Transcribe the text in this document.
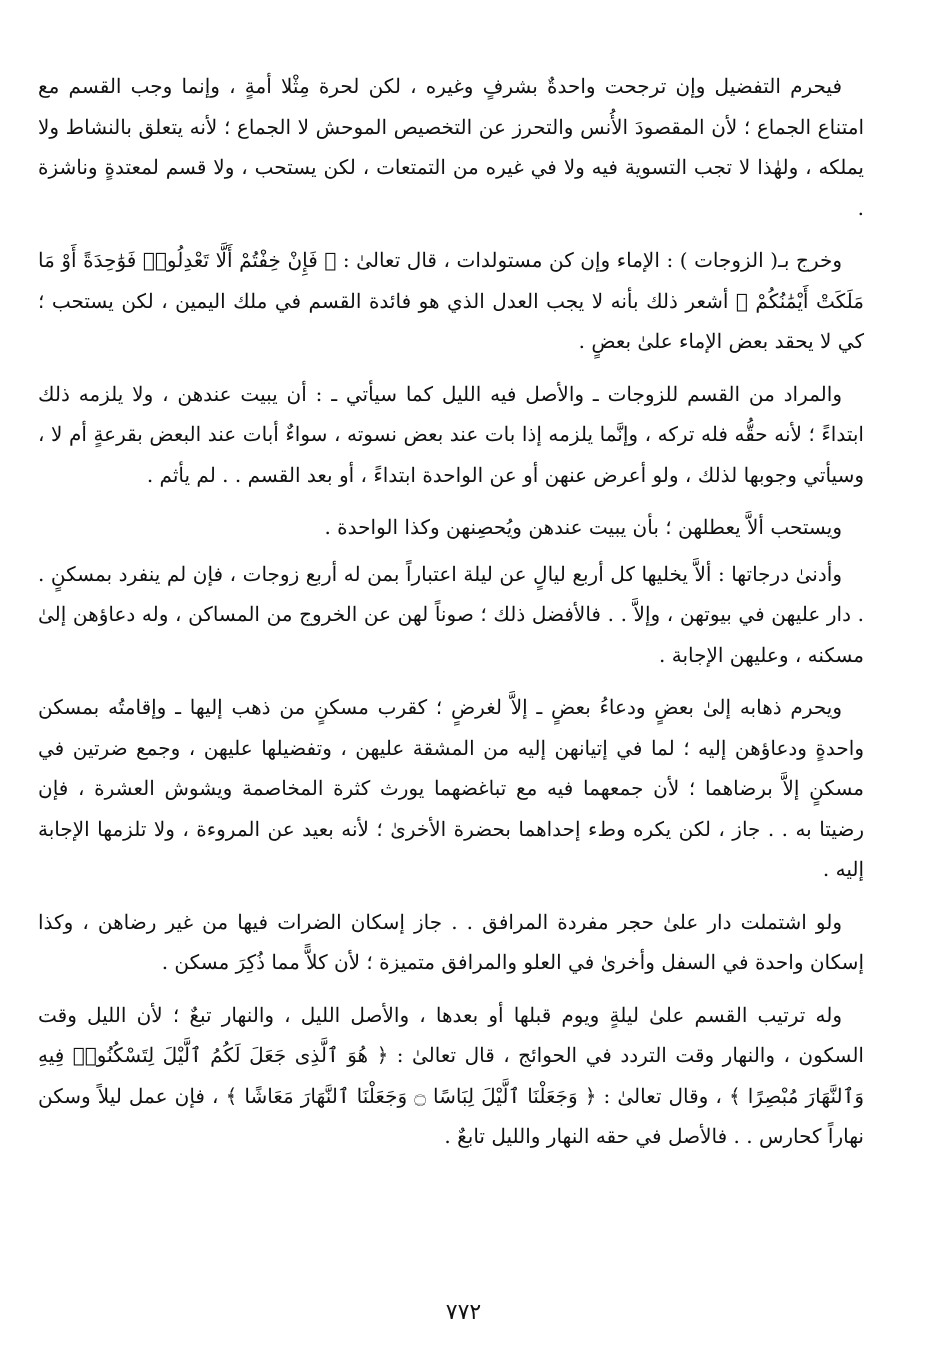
فيحرم التفضيل وإن ترجحت واحدةٌ بشرفٍ وغيره ، لكن لحرة مِثْلا أمةٍ ، وإنما وجب القسم مع امتناع الجماع ؛ لأن المقصودَ الأُنس والتحرز عن التخصيص الموحش لا الجماع ؛ لأنه يتعلق بالنشاط ولا يملكه ، ولهٰذا لا تجب التسوية فيه ولا في غيره من التمتعات ، لكن يستحب ، ولا قسم لمعتدةٍ وناشزة .

وخرج بـ( الزوجات ) : الإماء وإن كن مستولدات ، قال تعالىٰ : ﴿ فَإِنْ خِفْتُمْ أَلَّا تَعْدِلُوا۟ فَوَٰحِدَةً أَوْ مَا مَلَكَتْ أَيْمَٰنُكُمْ ﴾ أشعر ذلك بأنه لا يجب العدل الذي هو فائدة القسم في ملك اليمين ، لكن يستحب ؛ كي لا يحقد بعض الإماء علىٰ بعضٍ .

والمراد من القسم للزوجات ـ والأصل فيه الليل كما سيأتي ـ : أن يبيت عندهن ، ولا يلزمه ذلك ابتداءً ؛ لأنه حقُّه فله تركه ، وإنَّما يلزمه إذا بات عند بعض نسوته ، سواءٌ أبات عند البعض بقرعةٍ أم لا ، وسيأتي وجوبها لذلك ، ولو أعرض عنهن أو عن الواحدة ابتداءً ، أو بعد القسم . . لم يأثم .

ويستحب ألاَّ يعطلهن ؛ بأن يبيت عندهن ويُحصِنهن وكذا الواحدة .

وأدنىٰ درجاتها : ألاَّ يخليها كل أربع ليالٍ عن ليلة اعتباراً بمن له أربع زوجات ، فإن لم ينفرد بمسكنٍ . . دار عليهن في بيوتهن ، وإلاَّ . . فالأفضل ذلك ؛ صوناً لهن عن الخروج من المساكن ، وله دعاؤهن إلىٰ مسكنه ، وعليهن الإجابة .

ويحرم ذهابه إلىٰ بعضٍ ودعاءُ بعضٍ ـ إلاَّ لغرضٍ ؛ كقرب مسكنٍ من ذهب إليها ـ وإقامتُه بمسكن واحدةٍ ودعاؤهن إليه ؛ لما في إتيانهن إليه من المشقة عليهن ، وتفضيلها عليهن ، وجمع ضرتين في مسكنٍ إلاَّ برضاهما ؛ لأن جمعهما فيه مع تباغضهما يورث كثرة المخاصمة ويشوش العشرة ، فإن رضيتا به . . جاز ، لكن يكره وطء إحداهما بحضرة الأخرىٰ ؛ لأنه بعيد عن المروءة ، ولا تلزمها الإجابة إليه .

ولو اشتملت دار علىٰ حجر مفردة المرافق . . جاز إسكان الضرات فيها من غير رضاهن ، وكذا إسكان واحدة في السفل وأخرىٰ في العلو والمرافق متميزة ؛ لأن كلاًّ مما ذُكِرَ مسكن .

وله ترتيب القسم علىٰ ليلةٍ ويوم قبلها أو بعدها ، والأصل الليل ، والنهار تبعٌ ؛ لأن الليل وقت السكون ، والنهار وقت التردد في الحوائج ، قال تعالىٰ : ﴿ هُوَ ٱلَّذِى جَعَلَ لَكُمُ ٱلَّيْلَ لِتَسْكُنُوا۟ فِيهِ وَٱلنَّهَارَ مُبْصِرًا ﴾ ، وقال تعالىٰ : ﴿ وَجَعَلْنَا ٱلَّيْلَ لِبَاسًا ۝ وَجَعَلْنَا ٱلنَّهَارَ مَعَاشًا ﴾ ، فإن عمل ليلاً وسكن نهاراً كحارس . . فالأصل في حقه النهار والليل تابعٌ .

٧٧٢
